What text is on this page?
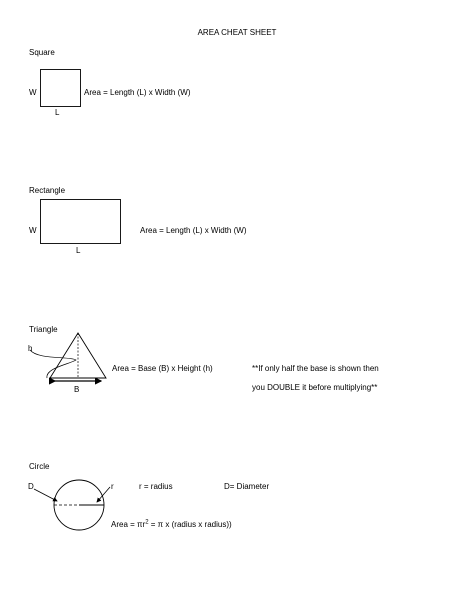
AREA CHEAT SHEET
Square
W
L
Area = Length (L) x Width (W)
Rectangle
W
L
Area = Length (L) x Width (W)
Triangle
h
B
Area = Base (B) x Height (h)	**If only half the base is shown then
you DOUBLE it before multiplying**
Circle
D	r	r = radius	D= Diameter
Area = $\pi r^2 = \pi$ x (radius x radius))
